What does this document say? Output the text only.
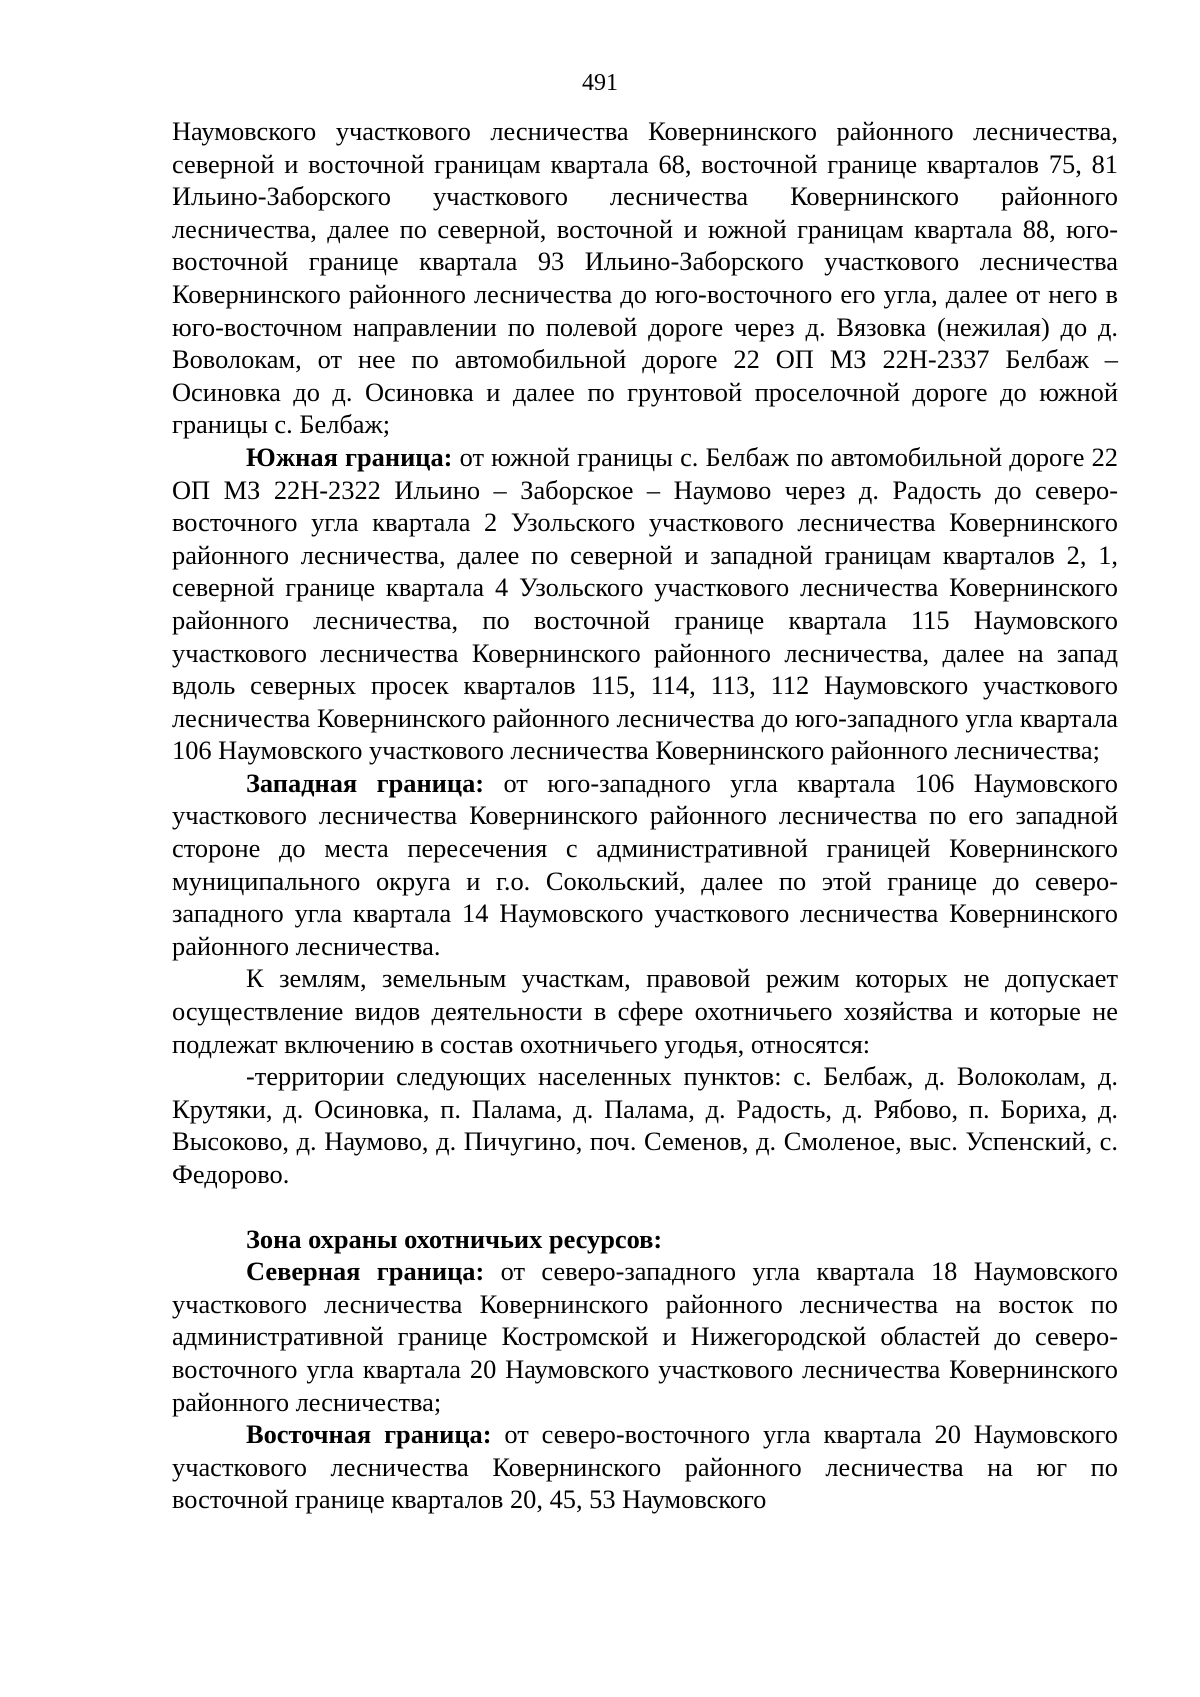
491

Наумовского участкового лесничества Ковернинского районного лесничества, северной и восточной границам квартала 68, восточной границе кварталов 75, 81 Ильино-Заборского участкового лесничества Ковернинского районного лесничества, далее по северной, восточной и южной границам квартала 88, юго-восточной границе квартала 93 Ильино-Заборского участкового лесничества Ковернинского районного лесничества до юго-восточного его угла, далее от него в юго-восточном направлении по полевой дороге через д. Вязовка (нежилая) до д. Воволокам, от нее по автомобильной дороге 22 ОП МЗ 22Н-2337 Белбаж – Осиновка до д. Осиновка и далее по грунтовой проселочной дороге до южной границы с. Белбаж;

Южная граница: от южной границы с. Белбаж по автомобильной дороге 22 ОП МЗ 22Н-2322 Ильино – Заборское – Наумово через д. Радость до северо-восточного угла квартала 2 Узольского участкового лесничества Ковернинского районного лесничества, далее по северной и западной границам кварталов 2, 1, северной границе квартала 4 Узольского участкового лесничества Ковернинского районного лесничества, по восточной границе квартала 115 Наумовского участкового лесничества Ковернинского районного лесничества, далее на запад вдоль северных просек кварталов 115, 114, 113, 112 Наумовского участкового лесничества Ковернинского районного лесничества до юго-западного угла квартала 106 Наумовского участкового лесничества Ковернинского районного лесничества;

Западная граница: от юго-западного угла квартала 106 Наумовского участкового лесничества Ковернинского районного лесничества по его западной стороне до места пересечения с административной границей Ковернинского муниципального округа и г.о. Сокольский, далее по этой границе до северо-западного угла квартала 14 Наумовского участкового лесничества Ковернинского районного лесничества.

К землям, земельным участкам, правовой режим которых не допускает осуществление видов деятельности в сфере охотничьего хозяйства и которые не подлежат включению в состав охотничьего угодья, относятся:

-территории следующих населенных пунктов: с. Белбаж, д. Волоколам, д. Крутяки, д. Осиновка, п. Палама, д. Палама, д. Радость, д. Рябово, п. Бориха, д. Высоково, д. Наумово, д. Пичугино, поч. Семенов, д. Смоленое, выс. Успенский, с. Федорово.

Зона охраны охотничьих ресурсов:

Северная граница: от северо-западного угла квартала 18 Наумовского участкового лесничества Ковернинского районного лесничества на восток по административной границе Костромской и Нижегородской областей до северо-восточного угла квартала 20 Наумовского участкового лесничества Ковернинского районного лесничества;

Восточная граница: от северо-восточного угла квартала 20 Наумовского участкового лесничества Ковернинского районного лесничества на юг по восточной границе кварталов 20, 45, 53 Наумовского
